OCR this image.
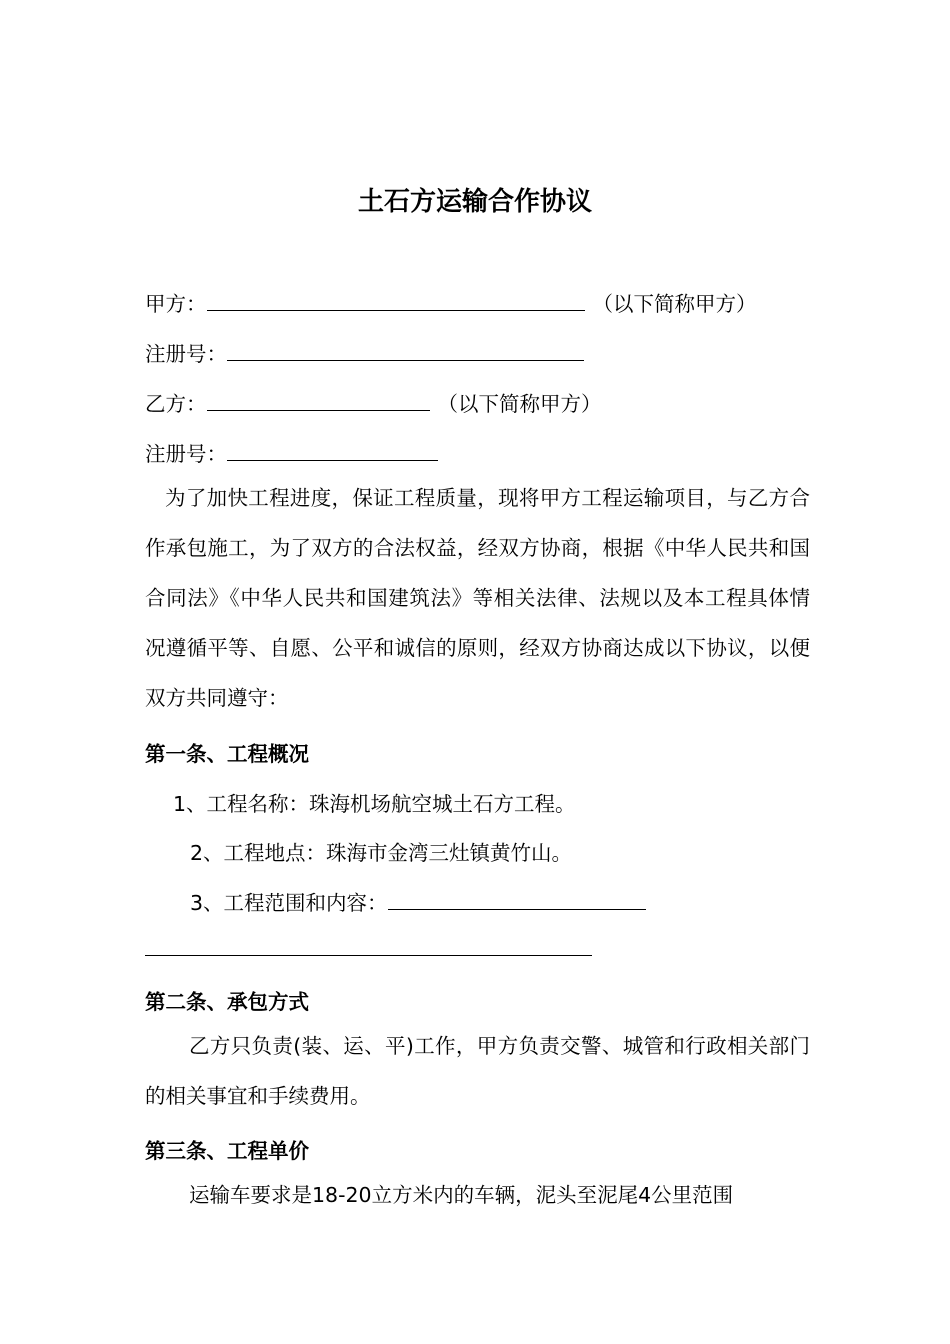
土石方运输合作协议
甲方：	（以下简称甲方）
注册号：
乙方：	（以下简称甲方）
注册号：
为了加快工程进度，保证工程质量，现将甲方工程运输项目，与乙方合作承包施工，为了双方的合法权益，经双方协商，根据《中华人民共和国合同法》《中华人民共和国建筑法》等相关法律、法规以及本工程具体情况遵循平等、自愿、公平和诚信的原则，经双方协商达成以下协议，以便双方共同遵守：
第一条、工程概况
1、工程名称：珠海机场航空城土石方工程。
2、工程地点：珠海市金湾三灶镇黄竹山。
3、工程范围和内容：
第二条、承包方式
乙方只负责(装、运、平)工作，甲方负责交警、城管和行政相关部门的相关事宜和手续费用。
第三条、工程单价
运输车要求是18-20立方米内的车辆，泥头至泥尾4公里范围
